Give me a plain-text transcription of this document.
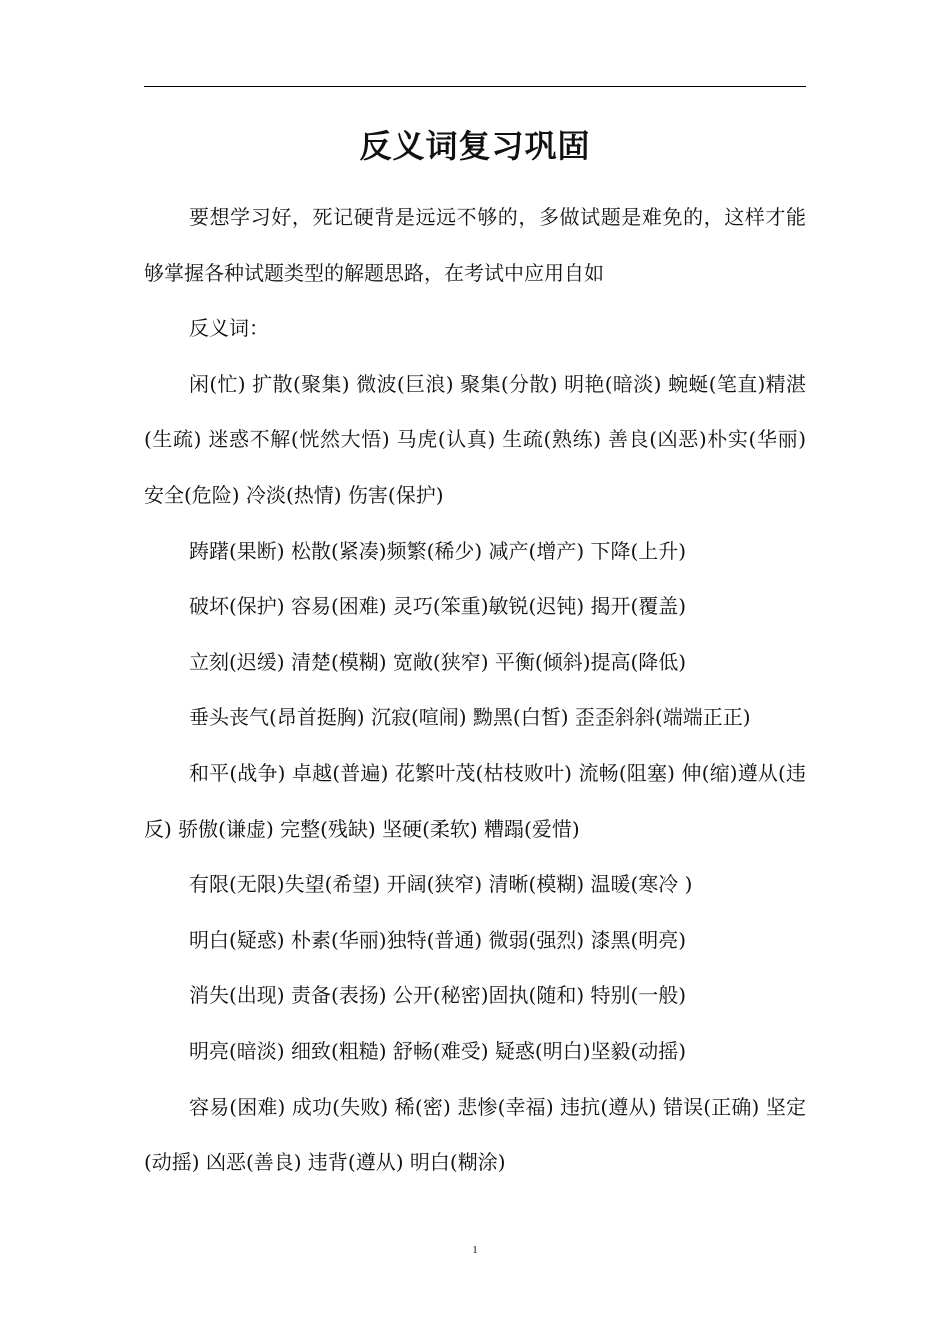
反义词复习巩固

要想学习好，死记硬背是远远不够的，多做试题是难免的，这样才能够掌握各种试题类型的解题思路，在考试中应用自如

反义词：

闲(忙) 扩散(聚集) 微波(巨浪) 聚集(分散) 明艳(暗淡) 蜿蜒(笔直)精湛(生疏) 迷惑不解(恍然大悟) 马虎(认真) 生疏(熟练) 善良(凶恶)朴实(华丽) 安全(危险) 冷淡(热情) 伤害(保护)

踌躇(果断) 松散(紧凑)频繁(稀少) 减产(增产) 下降(上升)

破坏(保护) 容易(困难) 灵巧(笨重)敏锐(迟钝) 揭开(覆盖)

立刻(迟缓) 清楚(模糊) 宽敞(狭窄) 平衡(倾斜)提高(降低)

垂头丧气(昂首挺胸) 沉寂(喧闹) 黝黑(白皙) 歪歪斜斜(端端正正)

和平(战争) 卓越(普遍) 花繁叶茂(枯枝败叶) 流畅(阻塞) 伸(缩)遵从(违反) 骄傲(谦虚) 完整(残缺) 坚硬(柔软) 糟蹋(爱惜)

有限(无限)失望(希望) 开阔(狭窄) 清晰(模糊) 温暖(寒冷 )

明白(疑惑) 朴素(华丽)独特(普通) 微弱(强烈) 漆黑(明亮)

消失(出现) 责备(表扬) 公开(秘密)固执(随和) 特别(一般)

明亮(暗淡) 细致(粗糙) 舒畅(难受) 疑惑(明白)坚毅(动摇)

容易(困难) 成功(失败) 稀(密) 悲惨(幸福) 违抗(遵从) 错误(正确) 坚定(动摇) 凶恶(善良) 违背(遵从) 明白(糊涂)

1
